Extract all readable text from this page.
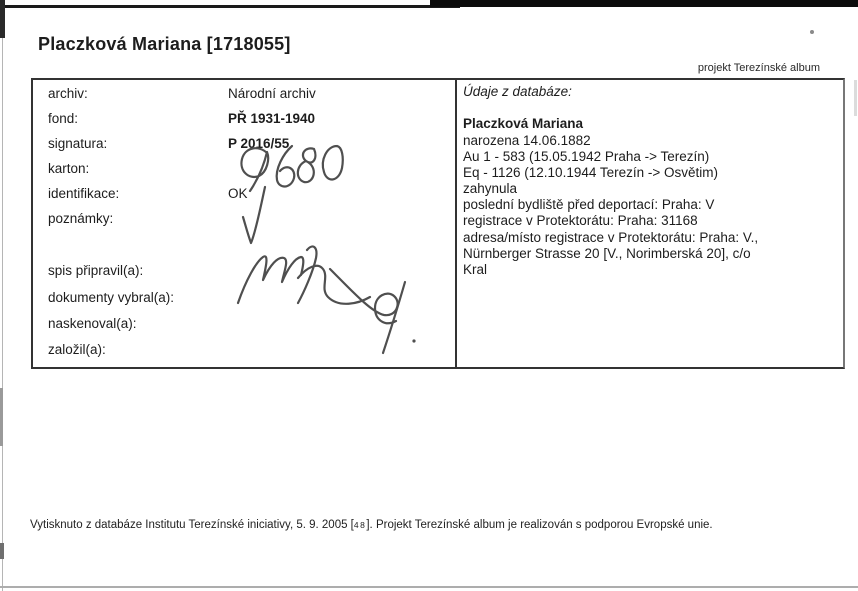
Placzková Mariana [1718055]
projekt Terezínské album
archiv:	Národní archiv
fond:	PŘ 1931-1940
signatura:	P 2016/55
karton:
identifikace:	OK
poznámky:
spis připravil(a):
dokumenty vybral(a):
naskenoval(a):
založil(a):
Údaje z databáze:
Placzková Mariana
narozena 14.06.1882
Au 1 - 583 (15.05.1942 Praha -> Terezín)
Eq - 1126 (12.10.1944 Terezín -> Osvětim)
zahynula
poslední bydliště před deportací: Praha: V
registrace v Protektorátu: Praha: 31168
adresa/místo registrace v Protektorátu: Praha: V.,
Nürnberger Strasse 20 [V., Norimberská 20], c/o
Kral
Vytisknuto z databáze Institutu Terezínské iniciativy, 5. 9. 2005 [48]. Projekt Terezínské album je realizován s podporou Evropské unie.
